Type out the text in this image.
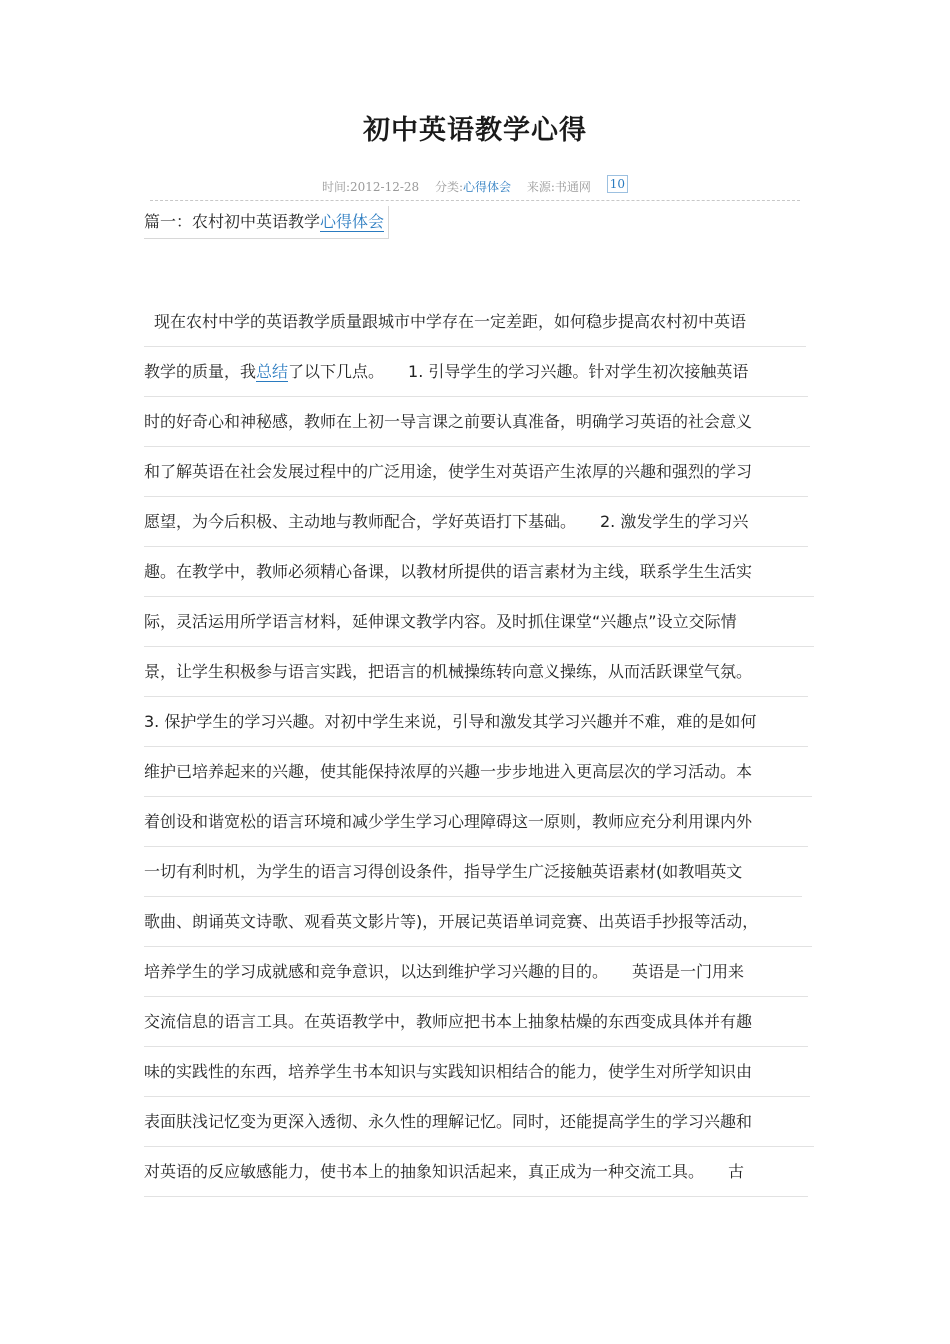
初中英语教学心得
时间:2012-12-28 分类:心得体会 来源:书通网 10
篇一：农村初中英语教学心得体会
现在农村中学的英语教学质量跟城市中学存在一定差距，如何稳步提高农村初中英语
教学的质量，我总结了以下几点。　　1. 引导学生的学习兴趣。针对学生初次接触英语
时的好奇心和神秘感，教师在上初一导言课之前要认真准备，明确学习英语的社会意义
和了解英语在社会发展过程中的广泛用途，使学生对英语产生浓厚的兴趣和强烈的学习
愿望，为今后积极、主动地与教师配合，学好英语打下基础。　　2. 激发学生的学习兴
趣。在教学中，教师必须精心备课，以教材所提供的语言素材为主线，联系学生生活实
际，灵活运用所学语言材料，延伸课文教学内容。及时抓住课堂“兴趣点”设立交际情
景，让学生积极参与语言实践，把语言的机械操练转向意义操练，从而活跃课堂气氛。
3. 保护学生的学习兴趣。对初中学生来说，引导和激发其学习兴趣并不难，难的是如何
维护已培养起来的兴趣，使其能保持浓厚的兴趣一步步地进入更高层次的学习活动。本
着创设和谐宽松的语言环境和减少学生学习心理障碍这一原则，教师应充分利用课内外
一切有利时机，为学生的语言习得创设条件，指导学生广泛接触英语素材(如教唱英文
歌曲、朗诵英文诗歌、观看英文影片等)，开展记英语单词竞赛、出英语手抄报等活动，
培养学生的学习成就感和竞争意识，以达到维护学习兴趣的目的。　　英语是一门用来
交流信息的语言工具。在英语教学中，教师应把书本上抽象枯燥的东西变成具体并有趣
味的实践性的东西，培养学生书本知识与实践知识相结合的能力，使学生对所学知识由
表面肤浅记忆变为更深入透彻、永久性的理解记忆。同时，还能提高学生的学习兴趣和
对英语的反应敏感能力，使书本上的抽象知识活起来，真正成为一种交流工具。　　古
